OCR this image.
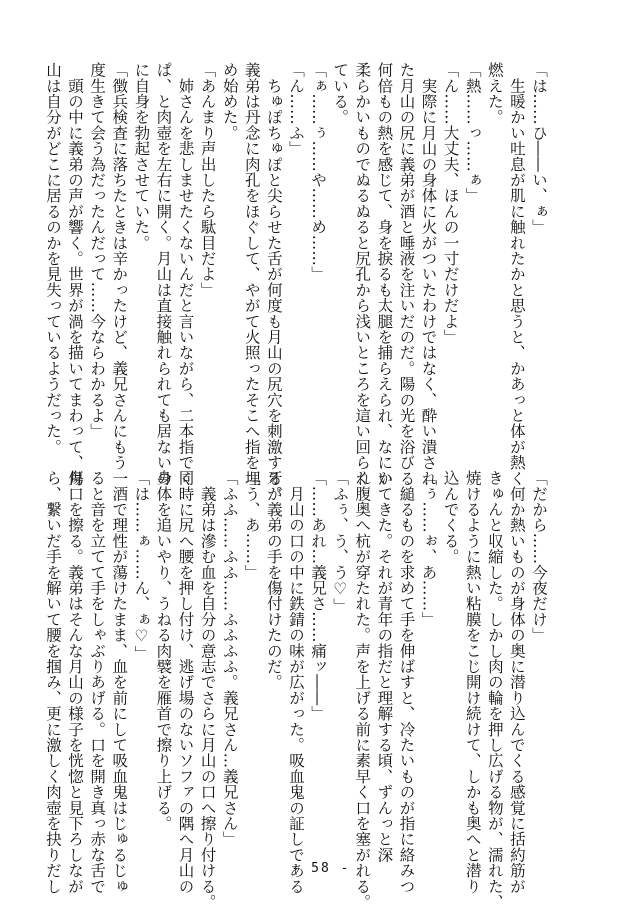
「は……ひ――い、ぁ」
　生暖かい吐息が肌に触れたかと思うと、かあっと体が熱く
燃えた。
「熱……っ……ぁ」
「ん……大丈夫、ほんの一寸だけだよ」
　実際に月山の身体に火がついたわけではなく、酔い潰され
た月山の尻に義弟が酒と唾液を注いだのだ。陽の光を浴びる
何倍もの熱を感じて、身を捩るも太腿を捕らえられ、なにか
柔らかいものでぬるぬると尻孔から浅いところを這い回られ
ている。
「ぁ……ぅ……や……め……」
「ん……ふ」
　ちゅぽちゅぽと尖らせた舌が何度も月山の尻穴を刺激する。
義弟は丹念に肉孔をほぐして、やがて火照ったそこへ指を埋
め始めた。
「あんまり声出したら駄目だよ」
　姉さんを悲しませたくないんだと言いながら、二本指でく
ぱ、と肉壺を左右に開く。月山は直接触れられても居ないの
に自身を勃起させていた。
「徴兵検査に落ちたときは辛かったけど、義兄さんにもう一
度生きて会う為だったんだって……今ならわかるよ」
　頭の中に義弟の声が響く。世界が渦を描いてまわって、月
山は自分がどこに居るのかを見失っているようだった。
「だから……今夜だけ」
　何か熱いものが身体の奥に潜り込んでくる感覚に括約筋が
きゅんと収縮した。しかし肉の輪を押し広げる物が、濡れた、
焼けるように熱い粘膜をこじ開け続けて、しかも奥へと潜り
込んでくる。
「ぅ……ぉ、あ……」
　縋るものを求めて手を伸ばすと、冷たいものが指に絡みつ
いてきた。それが青年の指だと理解する頃、ずんっと深
く腹奥へ杭が穿たれた。声を上げる前に素早く口を塞がれる。
「ふぅ、う、う♡」
「……あれ…義兄さ……痛ッ――」
　月山の口の中に鉄錆の味が広がった。吸血鬼の証しである
牙が義弟の手を傷付けたのだ。
「う、あ……」
「ふふ……ふふ……ふふふふ。義兄さん…義兄さん」
　義弟は滲む血を自分の意志でさらに月山の口へ擦り付ける。
同時に尻へ腰を押し付け、逃げ場のないソファの隅へ月山の
身体を追いやり、うねる肉襞を雁首で擦り上げる。
「は……ぁ……ん、ぁ♡」
　酒で理性が蕩けたまま、血を前にして吸血鬼はじゅるじゅ
ると音を立てて手をしゃぶりあげる。口を開き真っ赤な舌で
傷口を擦る。義弟はそんな月山の様子を恍惚と見下ろしなが
ら、繋いだ手を解いて腰を掴み、更に激しく肉壺を抉りだし	- 58 -
